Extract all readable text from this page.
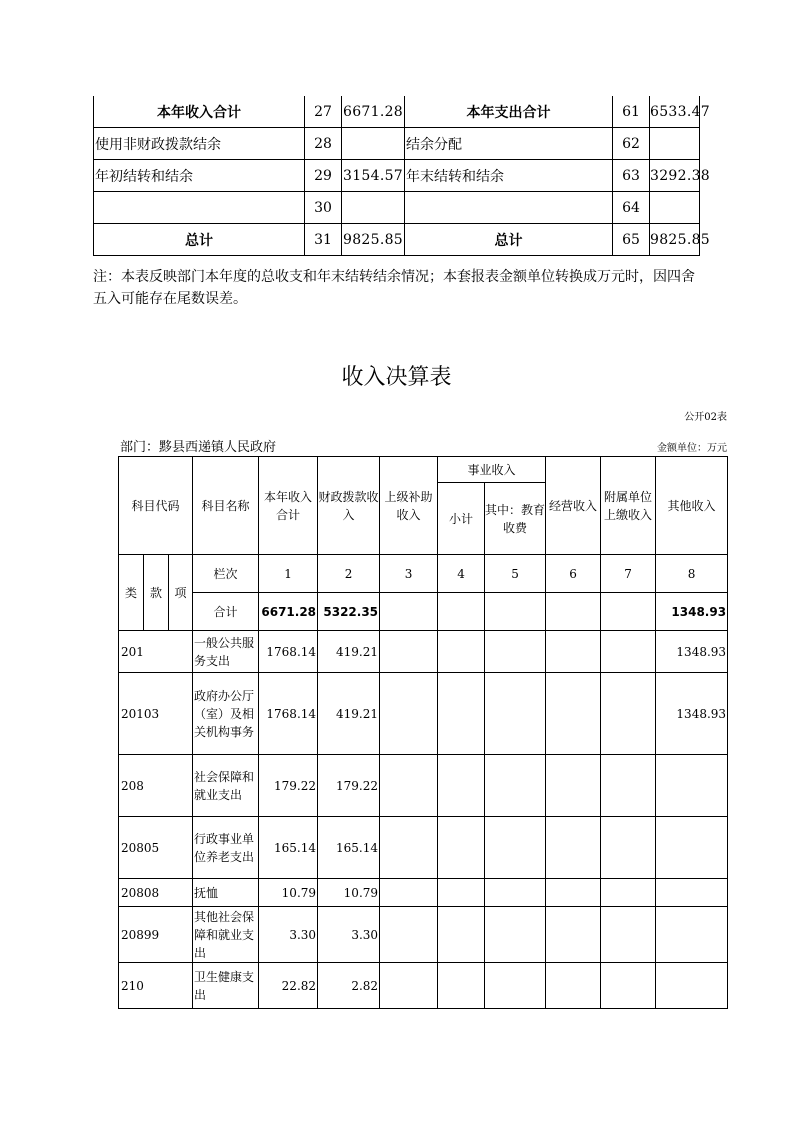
本年收入合计	27	6671.28	本年支出合计	61	6533.47
使用非财政拨款结余	28		结余分配	62	
年初结转和结余	29	3154.57	年末结转和结余	63	3292.38
	30			64	
总计	31	9825.85	总计	65	9825.85
注：本表反映部门本年度的总收支和年末结转结余情况；本套报表金额单位转换成万元时，因四舍五入可能存在尾数误差。
收入决算表
公开02表
部门：黟县西递镇人民政府	金额单位：万元
科目代码			科目名称	本年收入合计	财政拨款收入	上级补助收入	事业收入		经营收入	附属单位上缴收入	其他收入
							小计	其中：教育收费			
类	款	项	栏次	1	2	3	4	5	6	7	8
			合计	6671.28	5322.35						1348.93
201			一般公共服务支出	1768.14	419.21						1348.93
20103			政府办公厅（室）及相关机构事务	1768.14	419.21						1348.93
208			社会保障和就业支出	179.22	179.22						
20805			行政事业单位养老支出	165.14	165.14						
20808			抚恤	10.79	10.79						
20899			其他社会保障和就业支出	3.30	3.30						
210			卫生健康支出	22.82	2.82						
